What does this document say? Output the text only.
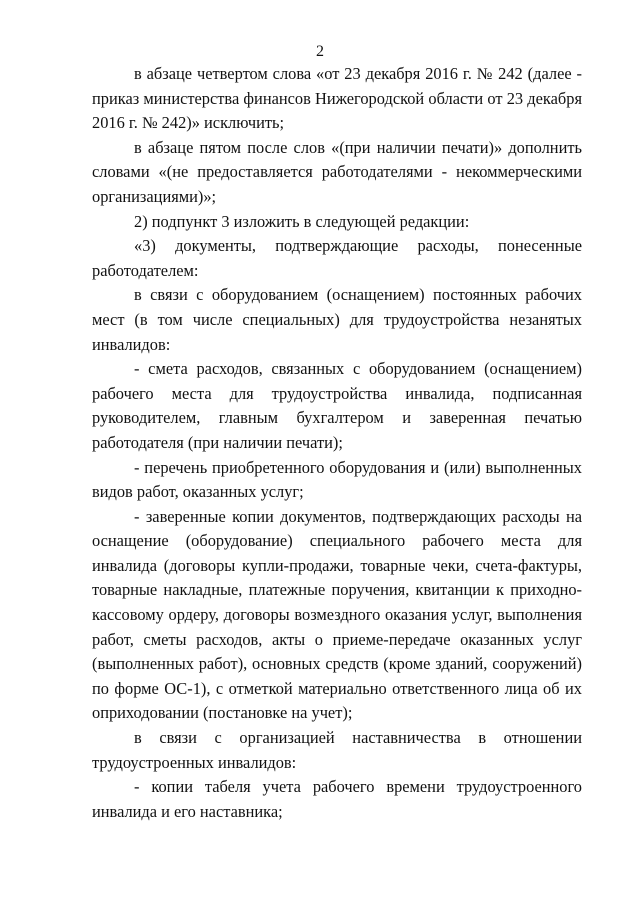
2

в абзаце четвертом слова «от 23 декабря 2016 г. № 242 (далее - приказ министерства финансов Нижегородской области от 23 декабря 2016 г. № 242)» исключить;

в абзаце пятом после слов «(при наличии печати)» дополнить словами «(не предоставляется работодателями - некоммерческими организациями)»;

2) подпункт 3 изложить в следующей редакции:

«3) документы, подтверждающие расходы, понесенные работодателем:

в связи с оборудованием (оснащением) постоянных рабочих мест (в том числе специальных) для трудоустройства незанятых инвалидов:

- смета расходов, связанных с оборудованием (оснащением) рабочего места для трудоустройства инвалида, подписанная руководителем, главным бухгалтером и заверенная печатью работодателя (при наличии печати);

- перечень приобретенного оборудования и (или) выполненных видов работ, оказанных услуг;

- заверенные копии документов, подтверждающих расходы на оснащение (оборудование) специального рабочего места для инвалида (договоры купли-продажи, товарные чеки, счета-фактуры, товарные накладные, платежные поручения, квитанции к приходно-кассовому ордеру, договоры возмездного оказания услуг, выполнения работ, сметы расходов, акты о приеме-передаче оказанных услуг (выполненных работ), основных средств (кроме зданий, сооружений) по форме ОС-1), с отметкой материально ответственного лица об их оприходовании (постановке на учет);

в связи с организацией наставничества в отношении трудоустроенных инвалидов:

- копии табеля учета рабочего времени трудоустроенного инвалида и его наставника;
